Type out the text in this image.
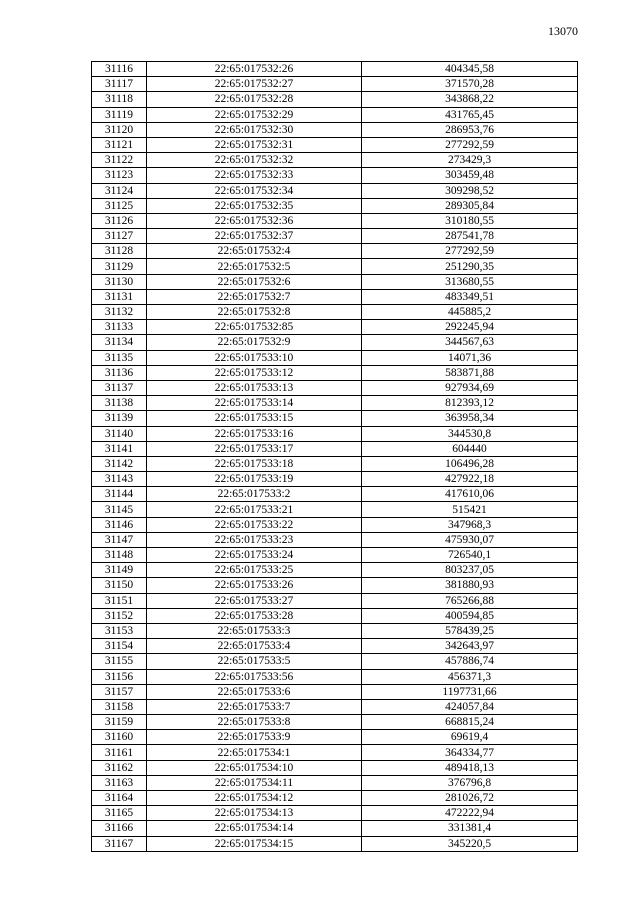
13070
31116	22:65:017532:26	404345,58
31117	22:65:017532:27	371570,28
31118	22:65:017532:28	343868,22
31119	22:65:017532:29	431765,45
31120	22:65:017532:30	286953,76
31121	22:65:017532:31	277292,59
31122	22:65:017532:32	273429,3
31123	22:65:017532:33	303459,48
31124	22:65:017532:34	309298,52
31125	22:65:017532:35	289305,84
31126	22:65:017532:36	310180,55
31127	22:65:017532:37	287541,78
31128	22:65:017532:4	277292,59
31129	22:65:017532:5	251290,35
31130	22:65:017532:6	313680,55
31131	22:65:017532:7	483349,51
31132	22:65:017532:8	445885,2
31133	22:65:017532:85	292245,94
31134	22:65:017532:9	344567,63
31135	22:65:017533:10	14071,36
31136	22:65:017533:12	583871,88
31137	22:65:017533:13	927934,69
31138	22:65:017533:14	812393,12
31139	22:65:017533:15	363958,34
31140	22:65:017533:16	344530,8
31141	22:65:017533:17	604440
31142	22:65:017533:18	106496,28
31143	22:65:017533:19	427922,18
31144	22:65:017533:2	417610,06
31145	22:65:017533:21	515421
31146	22:65:017533:22	347968,3
31147	22:65:017533:23	475930,07
31148	22:65:017533:24	726540,1
31149	22:65:017533:25	803237,05
31150	22:65:017533:26	381880,93
31151	22:65:017533:27	765266,88
31152	22:65:017533:28	400594,85
31153	22:65:017533:3	578439,25
31154	22:65:017533:4	342643,97
31155	22:65:017533:5	457886,74
31156	22:65:017533:56	456371,3
31157	22:65:017533:6	1197731,66
31158	22:65:017533:7	424057,84
31159	22:65:017533:8	668815,24
31160	22:65:017533:9	69619,4
31161	22:65:017534:1	364334,77
31162	22:65:017534:10	489418,13
31163	22:65:017534:11	376796,8
31164	22:65:017534:12	281026,72
31165	22:65:017534:13	472222,94
31166	22:65:017534:14	331381,4
31167	22:65:017534:15	345220,5
